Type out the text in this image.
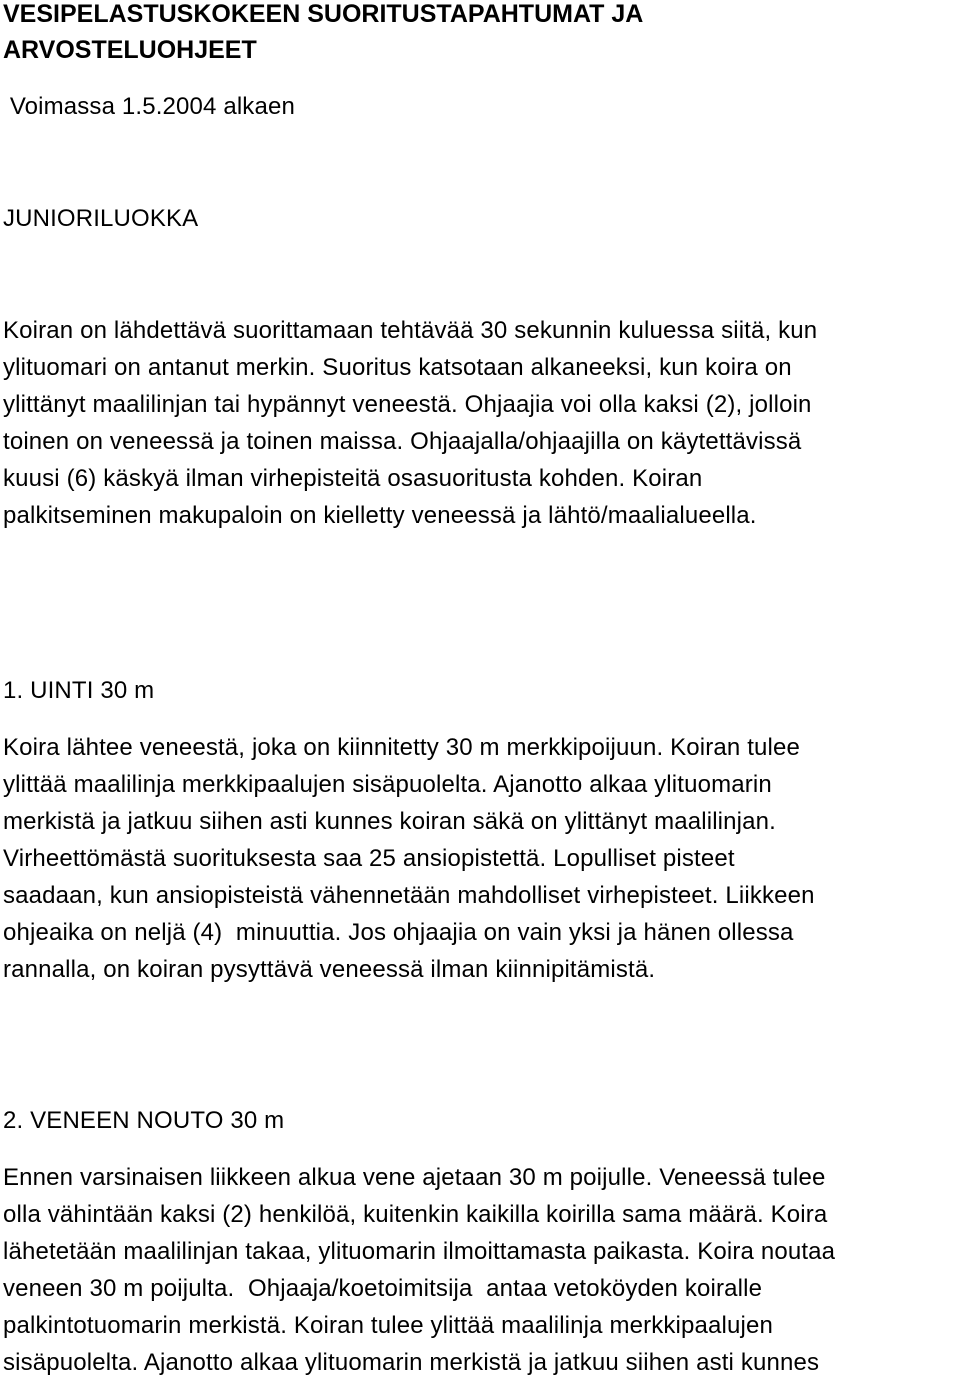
VESIPELASTUSKOKEEN SUORITUSTAPAHTUMAT JA
ARVOSTELUOHJEET
Voimassa 1.5.2004 alkaen
JUNIORILUOKKA
Koiran on lähdettävä suorittamaan tehtävää 30 sekunnin kuluessa siitä, kun
ylituomari on antanut merkin. Suoritus katsotaan alkaneeksi, kun koira on
ylittänyt maalilinjan tai hypännyt veneestä. Ohjaajia voi olla kaksi (2), jolloin
toinen on veneessä ja toinen maissa. Ohjaajalla/ohjaajilla on käytettävissä
kuusi (6) käskyä ilman virhepisteitä osasuoritusta kohden. Koiran
palkitseminen makupaloin on kielletty veneessä ja lähtö/maalialueella.
1. UINTI 30 m
Koira lähtee veneestä, joka on kiinnitetty 30 m merkkipoijuun. Koiran tulee
ylittää maalilinja merkkipaalujen sisäpuolelta. Ajanotto alkaa ylituomarin
merkistä ja jatkuu siihen asti kunnes koiran säkä on ylittänyt maalilinjan.
Virheettömästä suorituksesta saa 25 ansiopistettä. Lopulliset pisteet
saadaan, kun ansiopisteistä vähennetään mahdolliset virhepisteet. Liikkeen
ohjeaika on neljä (4)  minuuttia. Jos ohjaajia on vain yksi ja hänen ollessa
rannalla, on koiran pysyttävä veneessä ilman kiinnipitämistä.
2. VENEEN NOUTO 30 m
Ennen varsinaisen liikkeen alkua vene ajetaan 30 m poijulle. Veneessä tulee
olla vähintään kaksi (2) henkilöä, kuitenkin kaikilla koirilla sama määrä. Koira
lähetetään maalilinjan takaa, ylituomarin ilmoittamasta paikasta. Koira noutaa
veneen 30 m poijulta.  Ohjaaja/koetoimitsija  antaa vetoköyden koiralle
palkintotuomarin merkistä. Koiran tulee ylittää maalilinja merkkipaalujen
sisäpuolelta. Ajanotto alkaa ylituomarin merkistä ja jatkuu siihen asti kunnes
